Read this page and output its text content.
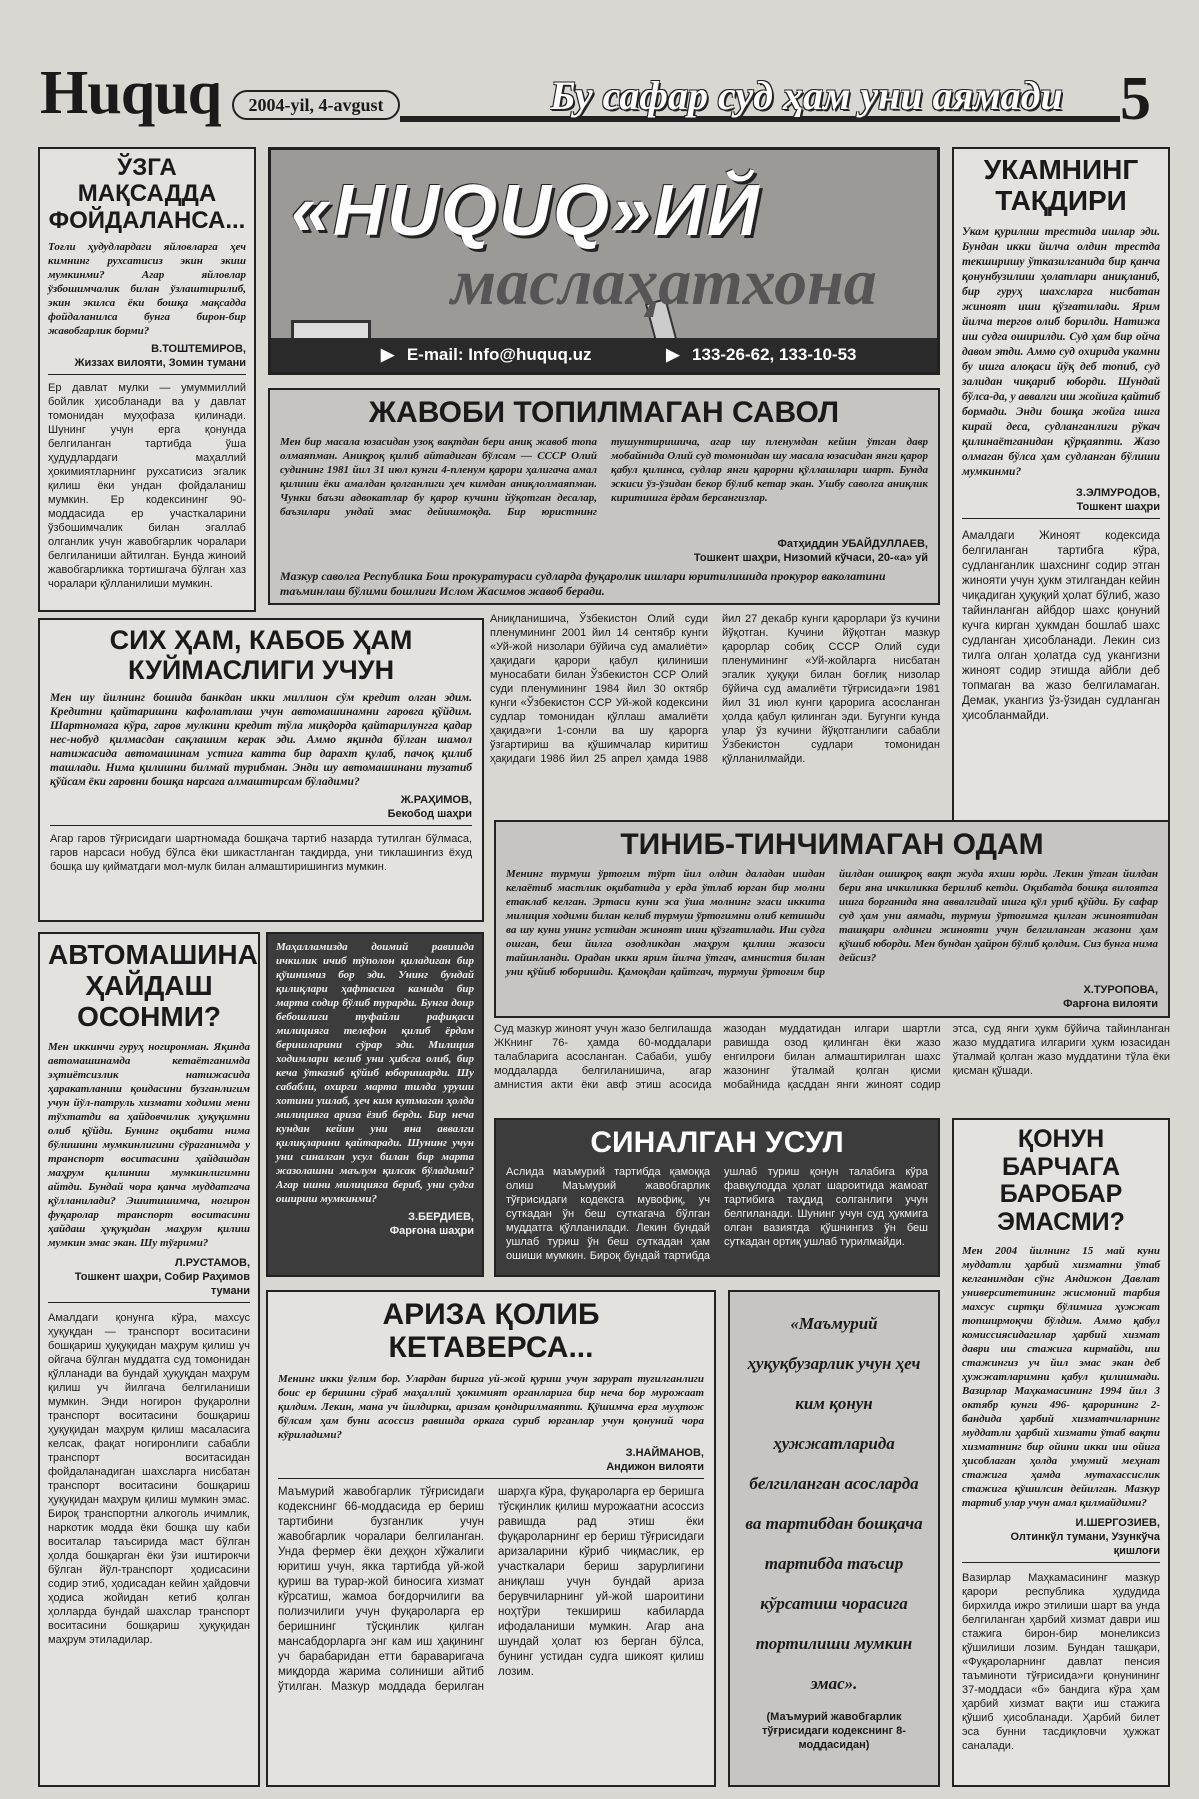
Huquq	2004-yil, 4-avgust	Бу сафар суд ҳам уни аямади 5
ЎЗГА МАҚСАДДА ФОЙДАЛАНСА...
Тоғли ҳудудлардаги яйловларга ҳеч кимнинг рухсатисиз экин экиш мумкинми? Агар яйловлар ўзбошимчалик билан ўзлаштирилиб, экин экилса ёки бошқа мақсадда фойдаланилса бунга бирон-бир жавобгарлик борми?
В.ТОШТЕМИРОВ,
Жиззах вилояти, Зомин тумани
Ер давлат мулки — умуммиллий бойлик ҳисобланади ва у давлат томонидан муҳофаза қилинади. Шунинг учун ерга қонунда белгиланган тартибда ўша ҳудудлардаги маҳаллий ҳокимиятларнинг рухсатисиз эгалик қилиш ёки ундан фойдаланиш мумкин. Ер кодексининг 90-моддасида ер участкаларини ўзбошимчалик билан эгаллаб олганлик учун жавобгарлик чоралари белгиланиши айтилган. Бунда жиноий жавобгарликка тортишгача бўлган хаз чоралари қўлланилиши мумкин.
«HUQUQ»ИЙ
маслаҳатхона
▶ E-mail: Info@huquq.uz	▶ 133-26-62, 133-10-53
УКАМНИНГ ТАҚДИРИ
Укам қурилиш трестида ишлар эди. Бундан икки йилча олдин трестда текширишу ўтказилганида бир қанча қонунбузилиш ҳолатлари аниқланиб, бир гуруҳ шахсларга нисбатан жиноят иши қўзғатилади. Ярим йилча тергов олиб борилди. Натижа иш судга оширилди. Суд ҳам бир ойча давом этди. Аммо суд охирида укамни бу ишга алоқаси йўқ деб топиб, суд залидан чиқариб юборди. Шундай бўлса-да, у аввалги иш жойига қайтиб бормади. Энди бошқа жойга ишга кирай деса, судланганлиги рўкач қилинаётганидан қўрқаяпти. Жазо олмаган бўлса ҳам судланган бўлиши мумкинми?
З.ЭЛМУРОДОВ,
Тошкент шаҳри
Амалдаги Жиноят кодексида белгиланган тартибга кўра, судланганлик шахснинг содир этган жинояти учун ҳукм этилгандан кейин чиқадиган ҳуқуқий ҳолат бўлиб, жазо тайинланган айбдор шахс қонуний кучга кирган ҳукмдан бошлаб шахс судланган ҳисобланади. Лекин сиз тилга олган ҳолатда суд укангизни жиноят содир этишда айбли деб топмаган ва жазо белгиламаган. Демак, укангиз ўз-ўзидан судланган ҳисобланмайди.
ЖАВОБИ ТОПИЛМАГАН САВОЛ
Мен бир масала юзасидан узоқ вақтдан бери аниқ жавоб топа олмаяпман. Аниқроқ қилиб айтадиган бўлсам — СССР Олий судининг 1981 йил 31 июл кунги 4-пленум қарори ҳалигача амал қилиши ёки амалдан қолганлиги ҳеч кимдан аниқлолмаяпман. Чунки баъзи адвокатлар бу қарор кучини йўқотган десалар, баъзилари ундай эмас дейишмоқда. Бир юристнинг тушунтиришича, агар шу пленумдан кейин ўтган давр мобайнида Олий суд томонидан шу масала юзасидан янги қарор қабул қилинса, судлар янги қарорни қўллашлари шарт. Бунда эскиси ўз-ўзидан бекор бўлиб кетар экан. Ушбу саволга аниқлик киритишга ёрдам берсангизлар.
Фатҳиддин УБАЙДУЛЛАЕВ,
Тошкент шаҳри, Низомий кўчаси, 20-«а» уй
Мазкур саволга Республика Бош прокуратураси судларда фуқаролик ишлари юритилишида прокурор ваколатини таъминлаш бўлими бошлиғи Ислом Жасимов жавоб беради.
Аниқланишича, Ўзбекистон Олий суди пленумининг 2001 йил 14 сентябр кунги «Уй-жой низолари бўйича суд амалиёти» ҳақидаги қарори қабул қилиниши муносабати билан Ўзбекистон ССР Олий суди пленумининг 1984 йил 30 октябр кунги «Ўзбекистон ССР Уй-жой кодексини судлар томонидан қўллаш амалиёти ҳақида»ги 1-сонли ва шу қарорга ўзгартириш ва қўшимчалар киритиш ҳақидаги 1986 йил 25 апрел ҳамда 1988 йил 27 декабр кунги қарорлари ўз кучини йўқотган. Кучини йўқотган мазкур қарорлар собиқ СССР Олий суди пленумининг «Уй-жойларга нисбатан эгалик ҳуқуқи билан боғлиқ низолар бўйича суд амалиёти тўғрисида»ги 1981 йил 31 июл кунги қарорига асосланган ҳолда қабул қилинган эди. Бугунги кунда улар ўз кучини йўқотганлиги сабабли Ўзбекистон судлари томонидан қўлланилмайди.
СИХ ҲАМ, КАБОБ ҲАМ КУЙМАСЛИГИ УЧУН
Мен шу йилнинг бошида банкдан икки миллион сўм кредит олган эдим. Кредитни қайтаришни кафолатлаш учун автомашинамни гаровга қўйдим. Шартномага кўра, гаров мулкини кредит тўла миқдорда қайтарилунгга қадар нес-нобуд қилмасдан сақлашим керак эди. Аммо яқинда бўлган шамол натижасида автомашинам устига катта бир дарахт қулаб, пачоқ қилиб ташлади. Нима қилишни билмай турибман. Энди шу автомашинани тузатиб қўйсам ёки гаровни бошқа нарсага алмаштирсам бўладими?
Ж.РАҲИМОВ,
Бекобод шаҳри
Агар гаров тўғрисидаги шартномада бошқача тартиб назарда тутилган бўлмаса, гаров нарсаси нобуд бўлса ёки шикастланган тақдирда, уни тиклашингиз ёхуд бошқа шу қийматдаги мол-мулк билан алмаштиришингиз мумкин.
ТИНИБ-ТИНЧИМАГАН ОДАМ
Менинг турмуш ўртоғим тўрт йил олдин даладан ишдан келаётиб мастлик оқибатида у ерда ўтлаб юрган бир молни етаклаб келган. Эртаси куни эса ўша молнинг эгаси иккита милиция ходими билан келиб турмуш ўртоғимни олиб кетишди ва шу куни унинг устидан жиноят иши қўзғатилади. Иш судга ошган, беш йилга озодликдан маҳрум қилиш жазоси тайинланди. Орадан икки ярим йилча ўтгач, амнистия билан уни қўйиб юборишди. Қамоқдан қайтгач, турмуш ўртоғим бир йилдан ошиқроқ вақт жуда яхши юрди. Лекин ўтган йилдан бери яна ичкиликка берилиб кетди. Оқибатда бошқа вилоятга ишга борганида яна аввалгидай ишга қўл уриб қўйди. Бу сафар суд ҳам уни аямади, турмуш ўртоғимга қилган жиноятидан ташқари олдинги жинояти учун белгиланган жазони ҳам қўшиб юборди. Мен бундан ҳайрон бўлиб қолдим. Сиз бунга нима дейсиз?
Х.ТУРОПОВА,
Фарғона вилояти
Суд мазкур жиноят учун жазо белгилашда ЖКнинг 76- ҳамда 60-моддалари талабларига асосланган. Сабаби, ушбу моддаларда белгиланишича, агар амнистия акти ёки авф этиш асосида жазодан муддатидан илгари шартли равишда озод қилинган ёки жазо енгилроғи билан алмаштирилган шахс жазонинг ўталмай қолган қисми мобайнида қасддан янги жиноят содир этса, суд янги ҳукм бўйича тайинланган жазо муддатига илгариги ҳукм юзасидан ўталмай қолган жазо муддатини тўла ёки қисман қўшади.
АВТОМАШИНА ҲАЙДАШ ОСОНМИ?
Мен иккинчи гуруҳ ногиронман. Яқинда автомашинамда кетаётганимда эҳтиётсизлик натижасида ҳаракатланиш қоидасини бузганлигим учун йўл-патруль хизмати ходими мени тўхтатди ва ҳайдовчилик ҳуқуқимни олиб қўйди. Бунинг оқибати нима бўлишини мумкинлигини сўраганимда у транспорт воситасини ҳайдашдан маҳрум қилиниш мумкинлигимни айтди. Бундай чора қанча муддатгача қўлланилади? Эшитишимча, ногирон фуқаролар транспорт воситасини ҳайдаш ҳуқуқидан маҳрум қилиш мумкин эмас экан. Шу тўғрими?
Л.РУСТАМОВ,
Тошкент шаҳри, Собир Раҳимов тумани
Амалдаги қонунга кўра, махсус ҳуқуқдан — транспорт воситасини бошқариш ҳуқуқидан маҳрум қилиш уч ойгача бўлган муддатга суд томонидан қўлланади ва бундай ҳуқуқдан маҳрум қилиш уч йилгача белгиланиши мумкин. Энди ногирон фуқаролни транспорт воситасини бошқариш ҳуқуқидан маҳрум қилиш масаласига келсак, фақат ногиронлиги сабабли транспорт воситасидан фойдаланадиган шахсларга нисбатан транспорт воситасини бошқариш ҳуқуқидан маҳрум қилиш мумкин эмас. Бироқ транспортни алкоголь ичимлик, наркотик модда ёки бошқа шу каби воситалар таъсирида маст бўлган ҳолда бошқарган ёки ўзи иштирокчи бўлган йўл-транспорт ҳодисасини содир этиб, ҳодисадан кейин ҳайдовчи ҳодиса жойидан кетиб қолган ҳолларда бундай шахслар транспорт воситасини бошқариш ҳуқуқидан маҳрум этиладилар.
Маҳалламизда доимий равишда ичкилик ичиб тўполон қиладиган бир қўшнимиз бор эди. Унинг бундай қилиқлари ҳафтасига камида бир марта содир бўлиб турарди. Бунга доир бебошлиги туфайли рафиқаси милицияга телефон қилиб ёрдам беришларини сўрар эди. Милиция ходимлари келиб уни ҳибсга олиб, бир кеча ўтказиб қўйиб юборишарди. Шу сабабли, охирги марта тилда уруши хотини ушлаб, ҳеч ким кутмаган ҳолда милицияга ариза ёзиб берди. Бир неча кундан кейин уни яна аввалги қилиқларини қайтаради. Шунинг учун уни синалган усул билан бир марта жазолашни маълум қилсак бўладими? Агар ишни милицияга бериб, уни судга ошириш мумкинми?
З.БЕРДИЕВ,
Фарғона шаҳри
СИНАЛГАН УСУЛ
Аслида маъмурий тартибда қамоққа олиш Маъмурий жавобгарлик тўғрисидаги кодексга мувофиқ, уч суткадан ўн беш суткагача бўлган муддатга қўлланилади. Лекин бундай ушлаб туриш ўн беш суткадан ҳам ошиши мумкин. Бироқ бундай тартибда ушлаб туриш қонун талабига кўра фавқулодда ҳолат шароитида жамоат тартибига таҳдид солганлиги учун белгиланади. Шунинг учун суд ҳукмига олган вазиятда қўшнингиз ўн беш суткадан ортиқ ушлаб турилмайди.
ҚОНУН БАРЧАГА БАРОБАР ЭМАСМИ?
Мен 2004 йилнинг 15 май куни муддатли ҳарбий хизматни ўтаб келганимдан сўнг Андижон Давлат университетининг жисмоний тарбия махсус сиртқи бўлимига ҳужжат топширмоқчи бўлдим. Аммо қабул комиссиясидагилар ҳарбий хизмат даври иш стажига кирмайди, иш стажингиз уч йил эмас экан деб ҳужжатларимни қабул қилишмади. Вазирлар Маҳкамасининг 1994 йил 3 октябр кунги 496- қарорининг 2-бандида ҳарбий хизматчиларнинг муддатли ҳарбий хизмати ўтаб вақти хизматнинг бир ойини икки иш ойига ҳисоблаган ҳолда умумий меҳнат стажига ҳамда мутахассислик стажига қўшилсин дейилган. Мазкур тартиб улар учун амал қилмайдими?
И.ШЕРГОЗИЕВ,
Олтинкўл тумани, Узункўча қишлоғи
Вазирлар Маҳкамасининг мазкур қарори республика ҳудудида бирхилда ижро этилиши шарт ва унда белгиланган ҳарбий хизмат даври иш стажига бирон-бир монеликсиз қўшилиши лозим. Бундан ташқари, «Фуқароларнинг давлат пенсия таъминоти тўғрисида»ги қонунининг 37-моддаси «б» бандига кўра ҳам ҳарбий хизмат вақти иш стажига қўшиб ҳисобланади. Ҳарбий билет эса бунни тасдиқловчи ҳужжат саналади.
АРИЗА ҚОЛИБ КЕТАВЕРСА...
Менинг икки ўғлим бор. Улардан бирига уй-жой қуриш учун зарурат туғилганлиги боис ер беришни сўраб маҳаллий ҳокимият органларига бир неча бор мурожаат қилдим. Лекин, мана уч йилдирки, аризам қондирилмаяпти. Қўшимча ерга муҳтож бўлсам ҳам буни асоссиз равишда оркага суриб юрганлар учун қонуний чора кўриладими?
З.НАЙМАНОВ,
Андижон вилояти
Маъмурий жавобгарлик тўғрисидаги кодекснинг 66-моддасида ер бериш тартибини бузганлик учун жавобгарлик чоралари белгиланган. Унда фермер ёки деҳқон хўжалиги юритиш учун, якка тартибда уй-жой қуриш ва турар-жой биносига хизмат кўрсатиш, жамоа боғдорчилиги ва полизчилиги учун фуқароларга ер беришнинг тўсқинлик қилган мансабдорларга энг кам иш ҳақининг уч барабаридан етти бараваригача миқдорда жарима солиниши айтиб ўтилган. Мазкур моддада берилган шарҳга кўра, фуқароларга ер беришга тўсқинлик қилиш мурожаатни асоссиз равишда рад этиш ёки фуқароларнинг ер бериш тўғрисидаги аризаларини кўриб чиқмаслик, ер участкалари бериш зарурлигини аниқлаш учун бундай ариза берувчиларнинг уй-жой шароитини ноҳтўри текшириш кабиларда ифодаланиши мумкин. Агар ана шундай ҳолат юз берган бўлса, бунинг устидан судга шикоят қилиш лозим.
«Маъмурий ҳуқуқбузарлик учун ҳеч ким қонун ҳужжатларида белгиланган асосларда ва тартибдан бошқача тартибда таъсир кўрсатиш чорасига тортилиши мумкин эмас».
(Маъмурий жавобгарлик тўғрисидаги кодекснинг 8-моддасидан)
